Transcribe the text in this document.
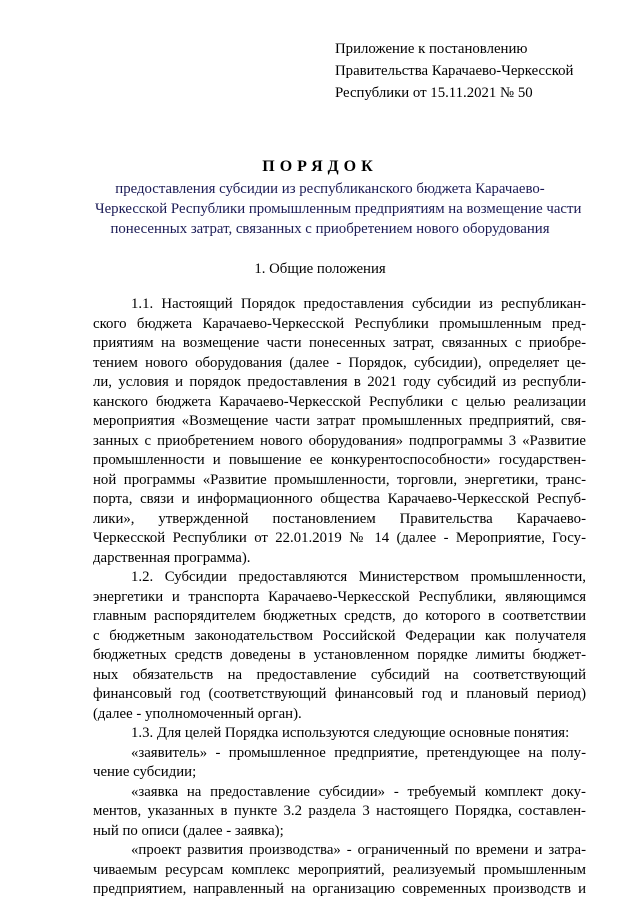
Приложение к постановлению
Правительства Карачаево-Черкесской
Республики от 15.11.2021 № 50
ПОРЯДОК
предоставления субсидии из республиканского бюджета Карачаево-
Черкесской Республики промышленным предприятиям на возмещение части
понесенных затрат, связанных с приобретением нового оборудования
1. Общие положения
1.1. Настоящий Порядок предоставления субсидии из республикан-
ского бюджета Карачаево-Черкесской Республики промышленным пред-
приятиям на возмещение части понесенных затрат, связанных с приобре-
тением нового оборудования (далее - Порядок, субсидии), определяет це-
ли, условия и порядок предоставления в 2021 году субсидий из республи-
канского бюджета Карачаево-Черкесской Республики с целью реализации
мероприятия «Возмещение части затрат промышленных предприятий, свя-
занных с приобретением нового оборудования» подпрограммы 3 «Развитие
промышленности и повышение ее конкурентоспособности» государствен-
ной программы «Развитие промышленности, торговли, энергетики, транс-
порта, связи и информационного общества Карачаево-Черкесской Респуб-
лики», утвержденной постановлением Правительства Карачаево-
Черкесской Республики от 22.01.2019 № 14 (далее - Мероприятие, Госу-
дарственная программа).
1.2. Субсидии предоставляются Министерством промышленности,
энергетики и транспорта Карачаево-Черкесской Республики, являющимся
главным распорядителем бюджетных средств, до которого в соответствии
с бюджетным законодательством Российской Федерации как получателя
бюджетных средств доведены в установленном порядке лимиты бюджет-
ных обязательств на предоставление субсидий на соответствующий
финансовый год (соответствующий финансовый год и плановый период)
(далее - уполномоченный орган).
1.3. Для целей Порядка используются следующие основные понятия:
«заявитель» - промышленное предприятие, претендующее на полу-
чение субсидии;
«заявка на предоставление субсидии» - требуемый комплект доку-
ментов, указанных в пункте 3.2 раздела 3 настоящего Порядка, составлен-
ный по описи (далее - заявка);
«проект развития производства» - ограниченный по времени и затра-
чиваемым ресурсам комплекс мероприятий, реализуемый промышленным
предприятием, направленный на организацию современных производств и
